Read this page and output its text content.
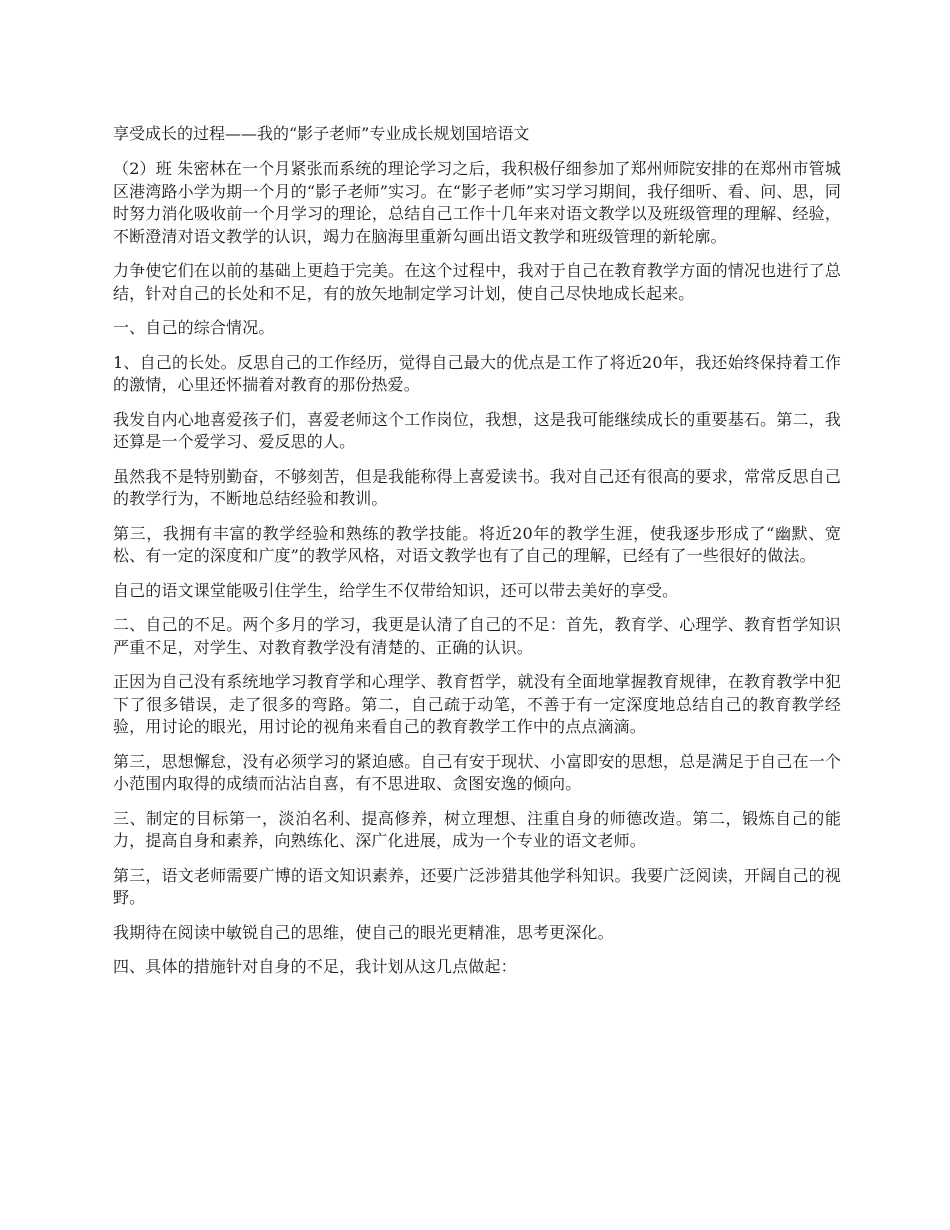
享受成长的过程——我的“影子老师”专业成长规划国培语文

（2）班 朱密林在一个月紧张而系统的理论学习之后，我积极仔细参加了郑州师院安排的在郑州市管城区港湾路小学为期一个月的“影子老师”实习。在“影子老师”实习学习期间，我仔细听、看、问、思，同时努力消化吸收前一个月学习的理论，总结自己工作十几年来对语文教学以及班级管理的理解、经验，不断澄清对语文教学的认识，竭力在脑海里重新勾画出语文教学和班级管理的新轮廓。

力争使它们在以前的基础上更趋于完美。在这个过程中，我对于自己在教育教学方面的情况也进行了总结，针对自己的长处和不足，有的放矢地制定学习计划，使自己尽快地成长起来。

一、自己的综合情况。

1、自己的长处。反思自己的工作经历，觉得自己最大的优点是工作了将近20年，我还始终保持着工作的激情，心里还怀揣着对教育的那份热爱。

我发自内心地喜爱孩子们，喜爱老师这个工作岗位，我想，这是我可能继续成长的重要基石。第二，我还算是一个爱学习、爱反思的人。

虽然我不是特别勤奋，不够刻苦，但是我能称得上喜爱读书。我对自己还有很高的要求，常常反思自己的教学行为，不断地总结经验和教训。

第三，我拥有丰富的教学经验和熟练的教学技能。将近20年的教学生涯，使我逐步形成了“幽默、宽松、有一定的深度和广度”的教学风格，对语文教学也有了自己的理解，已经有了一些很好的做法。

自己的语文课堂能吸引住学生，给学生不仅带给知识，还可以带去美好的享受。

二、自己的不足。两个多月的学习，我更是认清了自己的不足：首先，教育学、心理学、教育哲学知识严重不足，对学生、对教育教学没有清楚的、正确的认识。

正因为自己没有系统地学习教育学和心理学、教育哲学，就没有全面地掌握教育规律，在教育教学中犯下了很多错误，走了很多的弯路。第二，自己疏于动笔，不善于有一定深度地总结自己的教育教学经验，用讨论的眼光，用讨论的视角来看自己的教育教学工作中的点点滴滴。

第三，思想懈怠，没有必须学习的紧迫感。自己有安于现状、小富即安的思想，总是满足于自己在一个小范围内取得的成绩而沾沾自喜，有不思进取、贪图安逸的倾向。

三、制定的目标第一，淡泊名利、提高修养，树立理想、注重自身的师德改造。第二，锻炼自己的能力，提高自身和素养，向熟练化、深广化进展，成为一个专业的语文老师。

第三，语文老师需要广博的语文知识素养，还要广泛涉猎其他学科知识。我要广泛阅读，开阔自己的视野。

我期待在阅读中敏锐自己的思维，使自己的眼光更精准，思考更深化。

四、具体的措施针对自身的不足，我计划从这几点做起：
